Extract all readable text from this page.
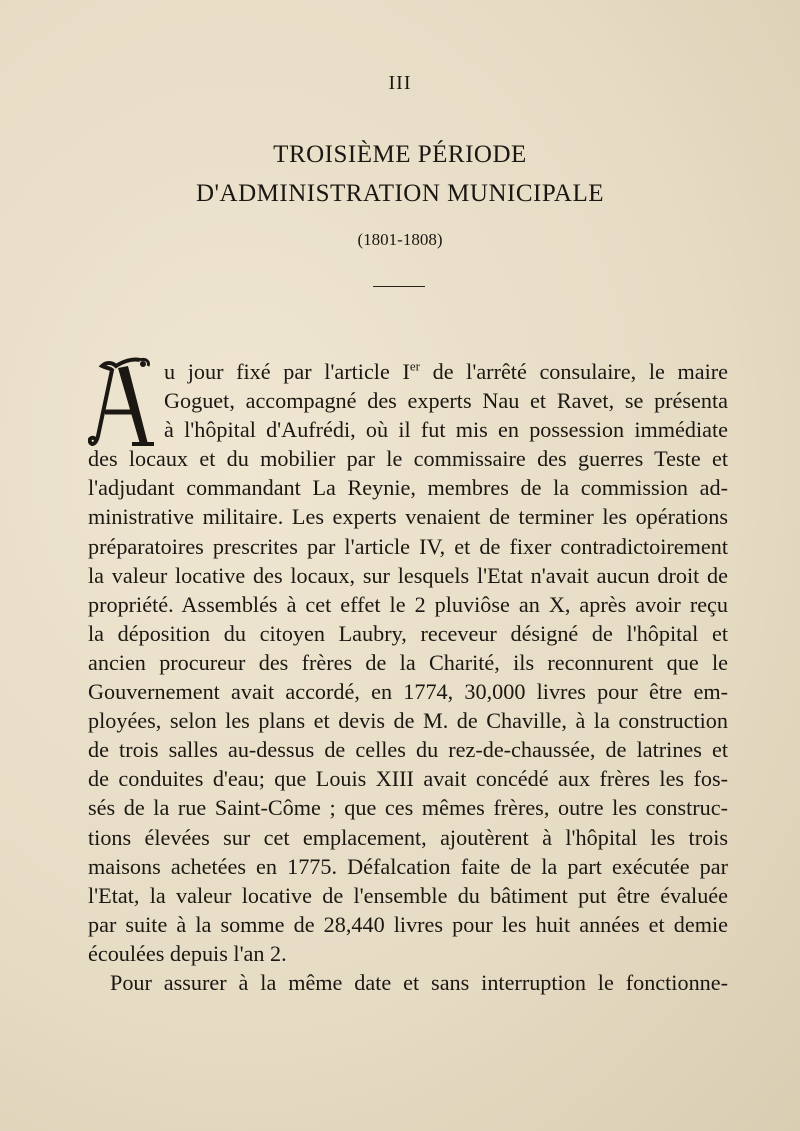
III
TROISIÈME PÉRIODE
D'ADMINISTRATION MUNICIPALE
(1801-1808)
u jour fixé par l'article Ier de l'arrêté consulaire, le maire
Goguet, accompagné des experts Nau et Ravet, se présenta
à l'hôpital d'Aufrédi, où il fut mis en possession immédiate
des locaux et du mobilier par le commissaire des guerres Teste et
l'adjudant commandant La Reynie, membres de la commission ad-
ministrative militaire. Les experts venaient de terminer les opérations
préparatoires prescrites par l'article IV, et de fixer contradictoirement
la valeur locative des locaux, sur lesquels l'Etat n'avait aucun droit de
propriété. Assemblés à cet effet le 2 pluviôse an X, après avoir reçu
la déposition du citoyen Laubry, receveur désigné de l'hôpital et
ancien procureur des frères de la Charité, ils reconnurent que le
Gouvernement avait accordé, en 1774, 30,000 livres pour être em-
ployées, selon les plans et devis de M. de Chaville, à la construction
de trois salles au-dessus de celles du rez-de-chaussée, de latrines et
de conduites d'eau; que Louis XIII avait concédé aux frères les fos-
sés de la rue Saint-Côme ; que ces mêmes frères, outre les construc-
tions élevées sur cet emplacement, ajoutèrent à l'hôpital les trois
maisons achetées en 1775. Défalcation faite de la part exécutée par
l'Etat, la valeur locative de l'ensemble du bâtiment put être évaluée
par suite à la somme de 28,440 livres pour les huit années et demie
écoulées depuis l'an 2.
Pour assurer à la même date et sans interruption le fonctionne-
